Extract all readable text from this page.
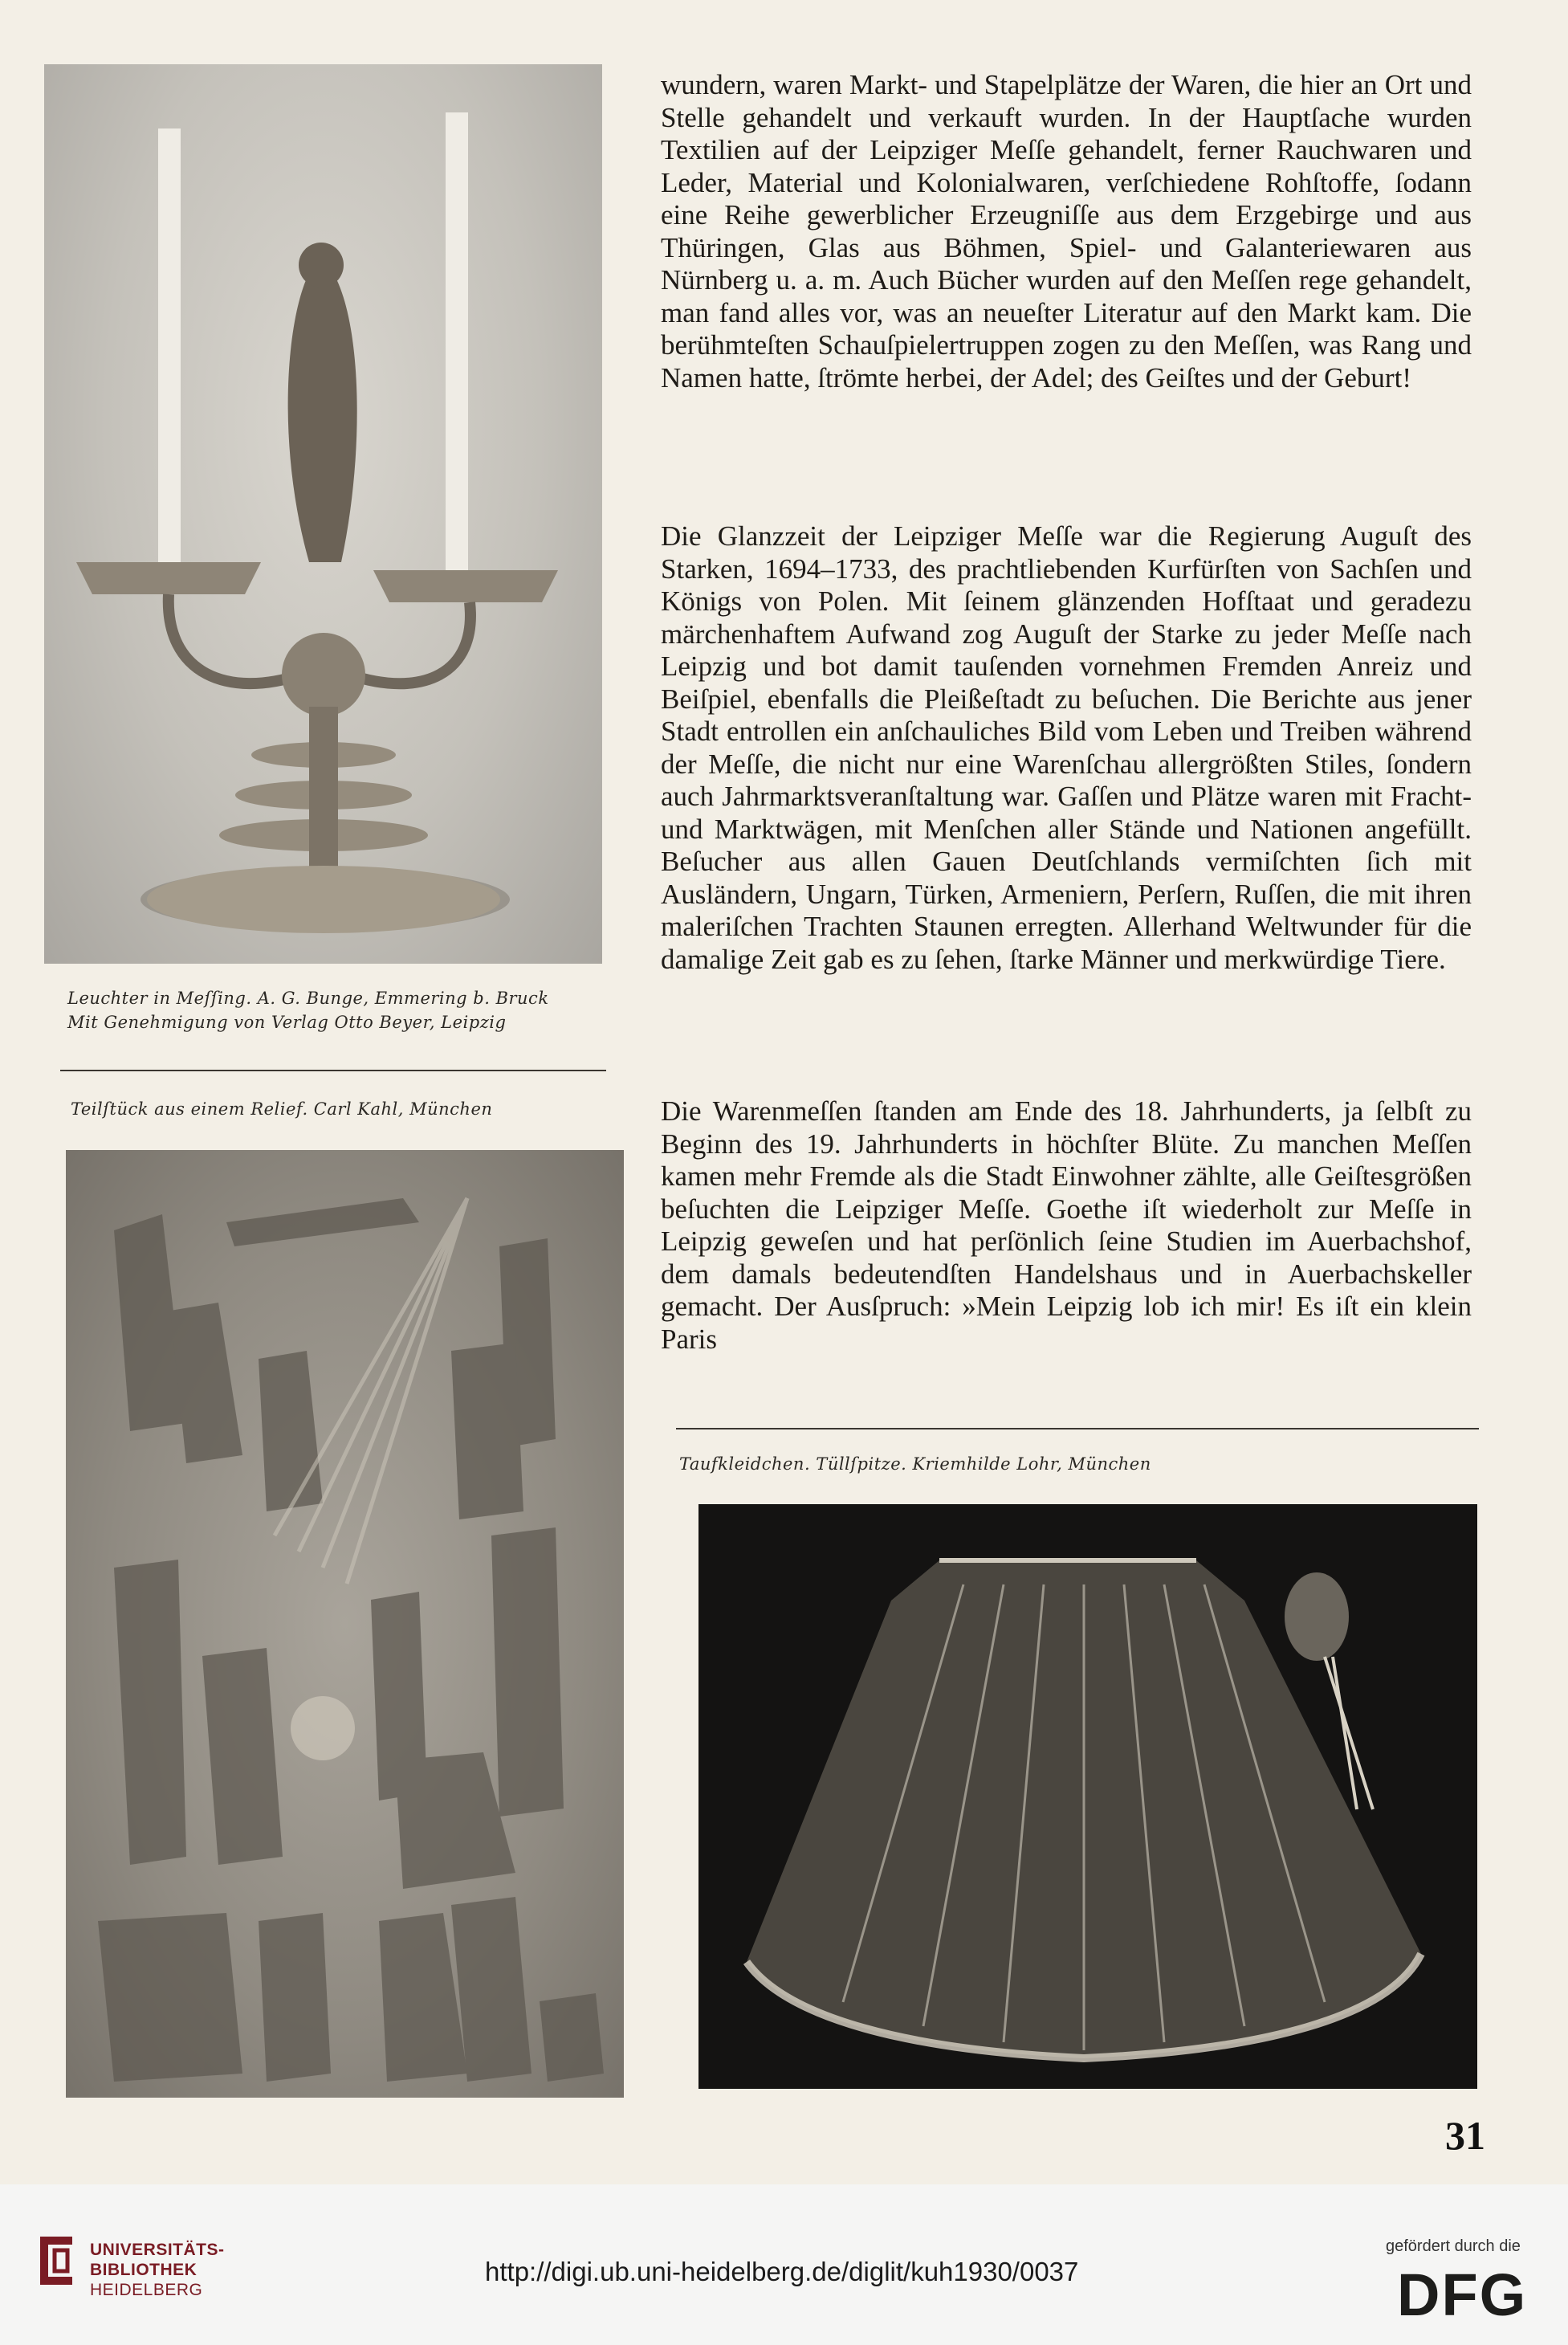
Leuchter in Meſſing. A. G. Bunge, Emmering b. Bruck
Mit Genehmigung von Verlag Otto Beyer, Leipzig
Teilſtück aus einem Relief. Carl Kahl, München

wundern, waren Markt- und Stapelplätze der Waren, die hier an Ort und Stelle gehandelt und verkauft wurden. In der Hauptſache wurden Textilien auf der Leipziger Meſſe gehandelt, ferner Rauchwaren und Leder, Material und Kolonialwaren, verſchiedene Rohſtoffe, ſodann eine Reihe gewerblicher Erzeugniſſe aus dem Erzgebirge und aus Thüringen, Glas aus Böhmen, Spiel- und Galanteriewaren aus Nürnberg u. a. m. Auch Bücher wurden auf den Meſſen rege gehandelt, man fand alles vor, was an neueſter Literatur auf den Markt kam. Die berühmteſten Schauſpielertruppen zogen zu den Meſſen, was Rang und Namen hatte, ſtrömte herbei, der Adel; des Geiſtes und der Geburt!

Die Glanzzeit der Leipziger Meſſe war die Regierung Auguſt des Starken, 1694–1733, des prachtliebenden Kurfürſten von Sachſen und Königs von Polen. Mit ſeinem glänzenden Hofſtaat und geradezu märchenhaftem Aufwand zog Auguſt der Starke zu jeder Meſſe nach Leipzig und bot damit tauſenden vornehmen Fremden Anreiz und Beiſpiel, ebenfalls die Pleißeſtadt zu beſuchen. Die Berichte aus jener Stadt entrollen ein anſchauliches Bild vom Leben und Treiben während der Meſſe, die nicht nur eine Warenſchau allergrößten Stiles, ſondern auch Jahrmarktsveranſtaltung war. Gaſſen und Plätze waren mit Fracht- und Marktwägen, mit Menſchen aller Stände und Nationen angefüllt. Beſucher aus allen Gauen Deutſchlands vermiſchten ſich mit Ausländern, Ungarn, Türken, Armeniern, Perſern, Ruſſen, die mit ihren maleriſchen Trachten Staunen erregten. Allerhand Weltwunder für die damalige Zeit gab es zu ſehen, ſtarke Männer und merkwürdige Tiere.

Die Warenmeſſen ſtanden am Ende des 18. Jahrhunderts, ja ſelbſt zu Beginn des 19. Jahrhunderts in höchſter Blüte. Zu manchen Meſſen kamen mehr Fremde als die Stadt Einwohner zählte, alle Geiſtesgrößen beſuchten die Leipziger Meſſe. Goethe iſt wiederholt zur Meſſe in Leipzig geweſen und hat perſönlich ſeine Studien im Auerbachshof, dem damals bedeutendſten Handelshaus und in Auerbachskeller gemacht. Der Ausſpruch: »Mein Leipzig lob ich mir! Es iſt ein klein Paris

Taufkleidchen. Tüllſpitze. Kriemhilde Lohr, München
31
UNIVERSITÄTS-
BIBLIOTHEK
HEIDELBERG
http://digi.ub.uni-heidelberg.de/diglit/kuh1930/0037
gefördert durch die
DFG
